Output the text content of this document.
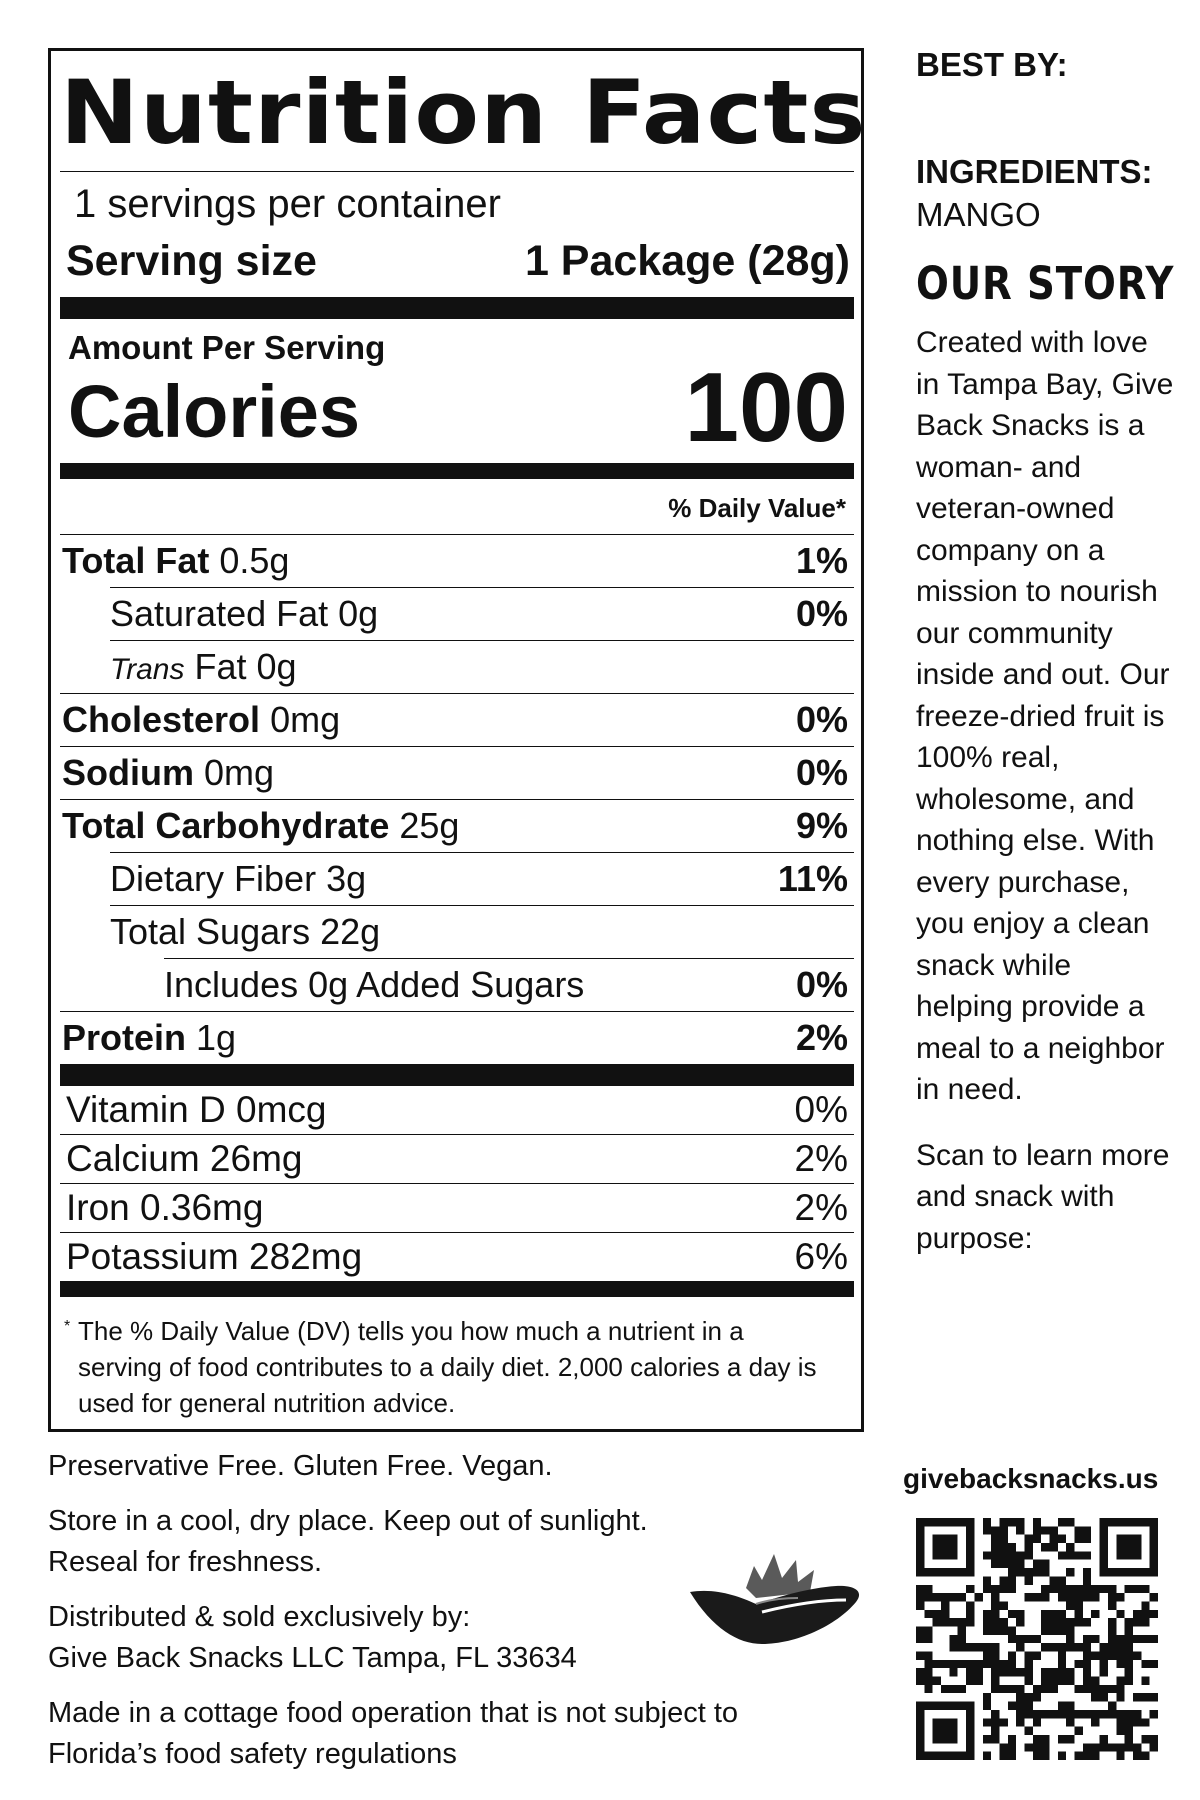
Nutrition Facts
1 servings per container
Serving size	1 Package (28g)
Amount Per Serving
Calories	100
% Daily Value*
Total Fat 0.5g	1%
Saturated Fat 0g	0%
Trans Fat 0g
Cholesterol 0mg	0%
Sodium 0mg	0%
Total Carbohydrate 25g	9%
Dietary Fiber 3g	11%
Total Sugars 22g
Includes 0g Added Sugars	0%
Protein 1g	2%
Vitamin D 0mcg	0%
Calcium 26mg	2%
Iron 0.36mg	2%
Potassium 282mg	6%
* The % Daily Value (DV) tells you how much a nutrient in a serving of food contributes to a daily diet. 2,000 calories a day is used for general nutrition advice.

Preservative Free. Gluten Free. Vegan.

Store in a cool, dry place. Keep out of sunlight.
Reseal for freshness.

Distributed & sold exclusively by:
Give Back Snacks LLC Tampa, FL 33634

Made in a cottage food operation that is not subject to
Florida’s food safety regulations

BEST BY:
INGREDIENTS:
MANGO
OUR STORY
Created with love in Tampa Bay, Give Back Snacks is a woman- and veteran-owned company on a mission to nourish our community inside and out. Our freeze-dried fruit is 100% real, wholesome, and nothing else. With every purchase, you enjoy a clean snack while helping provide a meal to a neighbor in need.
Scan to learn more and snack with purpose:
givebacksnacks.us
